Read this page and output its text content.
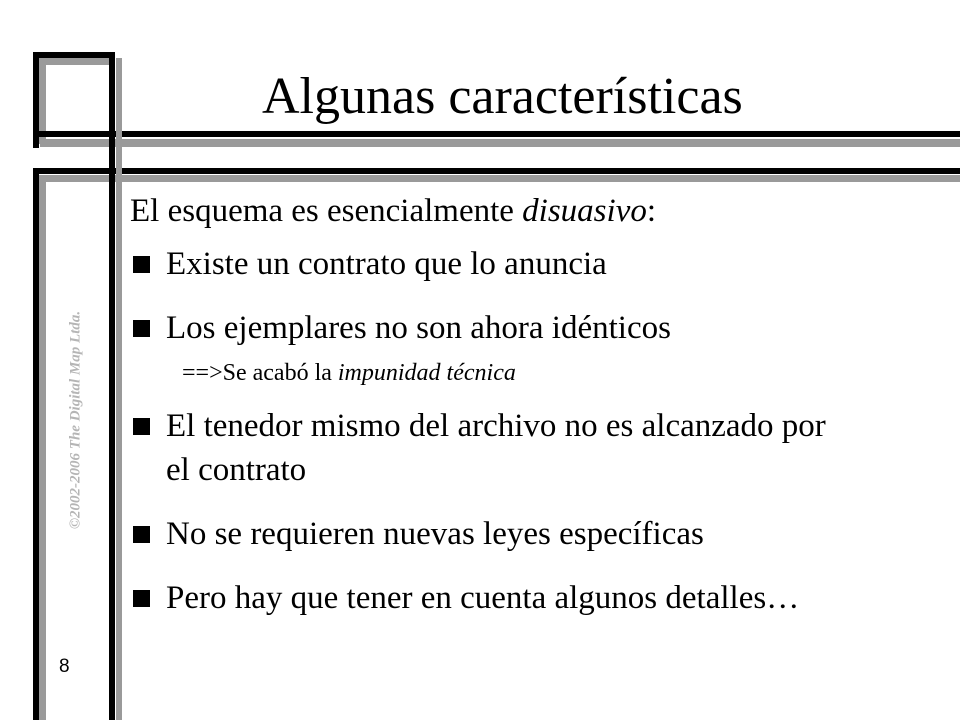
Algunas características
©2002-2006 The Digital Map Ltda.
8
El esquema es esencialmente disuasivo:
Existe un contrato que lo anuncia
Los ejemplares no son ahora idénticos
==>Se acabó la impunidad técnica
El tenedor mismo del archivo no es alcanzado por el contrato
No se requieren nuevas leyes específicas
Pero hay que tener en cuenta algunos detalles…
